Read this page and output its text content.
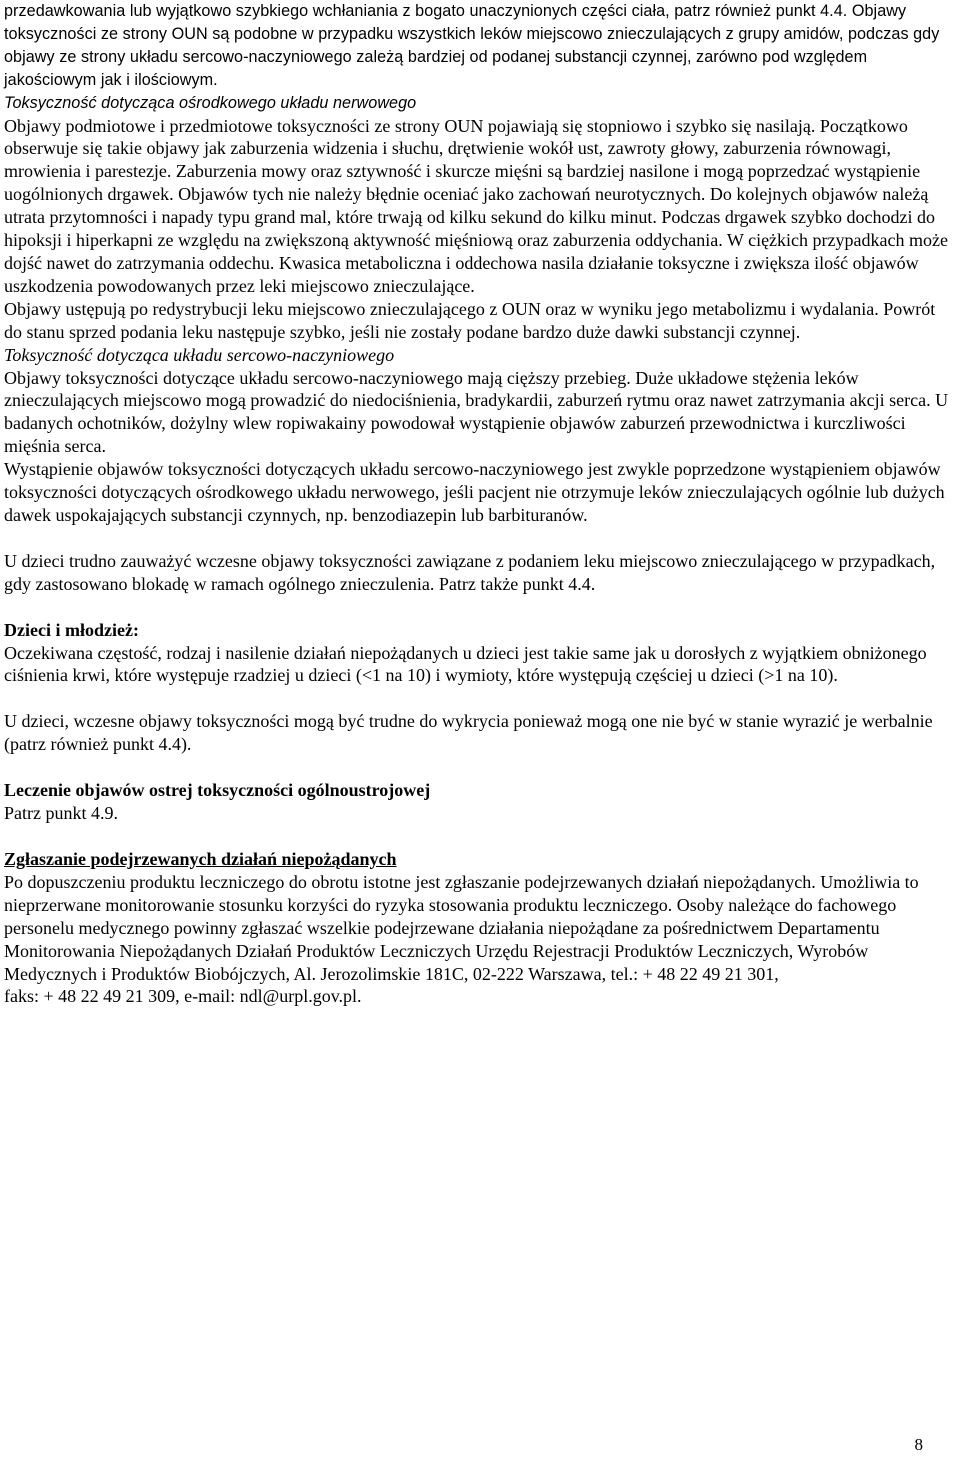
przedawkowania lub wyjątkowo szybkiego wchłaniania z bogato unaczynionych części ciała, patrz również punkt 4.4. Objawy toksyczności ze strony OUN są podobne w przypadku wszystkich leków miejscowo znieczulających z grupy amidów, podczas gdy objawy ze strony układu sercowo-naczyniowego zależą bardziej od podanej substancji czynnej, zarówno pod względem jakościowym jak i ilościowym.

Toksyczność dotycząca ośrodkowego układu nerwowego

Objawy podmiotowe i przedmiotowe toksyczności ze strony OUN pojawiają się stopniowo i szybko się nasilają. Początkowo obserwuje się takie objawy jak zaburzenia widzenia i słuchu, drętwienie wokół ust, zawroty głowy, zaburzenia równowagi, mrowienia i parestezje. Zaburzenia mowy oraz sztywność i skurcze mięśni są bardziej nasilone i mogą poprzedzać wystąpienie uogólnionych drgawek. Objawów tych nie należy błędnie oceniać jako zachowań neurotycznych. Do kolejnych objawów należą utrata przytomności i napady typu grand mal, które trwają od kilku sekund do kilku minut. Podczas drgawek szybko dochodzi do hipoksji i hiperkapni ze względu na zwiększoną aktywność mięśniową oraz zaburzenia oddychania. W ciężkich przypadkach może dojść nawet do zatrzymania oddechu. Kwasica metaboliczna i oddechowa nasila działanie toksyczne i zwiększa ilość objawów uszkodzenia powodowanych przez leki miejscowo znieczulające.

Objawy ustępują po redystrybucji leku miejscowo znieczulającego z OUN oraz w wyniku jego metabolizmu i wydalania. Powrót do stanu sprzed podania leku następuje szybko, jeśli nie zostały podane bardzo duże dawki substancji czynnej.

Toksyczność dotycząca układu sercowo-naczyniowego

Objawy toksyczności dotyczące układu sercowo-naczyniowego mają cięższy przebieg. Duże układowe stężenia leków znieczulających miejscowo mogą prowadzić do niedociśnienia, bradykardii, zaburzeń rytmu oraz nawet zatrzymania akcji serca. U badanych ochotników, dożylny wlew ropiwakainy powodował wystąpienie objawów zaburzeń przewodnictwa i kurczliwości mięśnia serca.

Wystąpienie objawów toksyczności dotyczących układu sercowo-naczyniowego jest zwykle poprzedzone wystąpieniem objawów toksyczności dotyczących ośrodkowego układu nerwowego, jeśli pacjent nie otrzymuje leków znieczulających ogólnie lub dużych dawek uspokajających substancji czynnych, np. benzodiazepin lub barbituranów.

U dzieci trudno zauważyć wczesne objawy toksyczności zawiązane z podaniem leku miejscowo znieczulającego w przypadkach, gdy zastosowano blokadę w ramach ogólnego znieczulenia. Patrz także punkt 4.4.

Dzieci i młodzież:

Oczekiwana częstość, rodzaj i nasilenie działań niepożądanych u dzieci jest takie same jak u dorosłych z wyjątkiem obniżonego ciśnienia krwi, które występuje rzadziej u dzieci (<1 na 10) i wymioty, które występują częściej u dzieci (>1 na 10).

U dzieci, wczesne objawy toksyczności mogą być trudne do wykrycia ponieważ mogą one nie być w stanie wyrazić je werbalnie (patrz również punkt 4.4).

Leczenie objawów ostrej toksyczności ogólnoustrojowej

Patrz punkt 4.9.

Zgłaszanie podejrzewanych działań niepożądanych

Po dopuszczeniu produktu leczniczego do obrotu istotne jest zgłaszanie podejrzewanych działań niepożądanych. Umożliwia to nieprzerwane monitorowanie stosunku korzyści do ryzyka stosowania produktu leczniczego. Osoby należące do fachowego personelu medycznego powinny zgłaszać wszelkie podejrzewane działania niepożądane za pośrednictwem Departamentu Monitorowania Niepożądanych Działań Produktów Leczniczych Urzędu Rejestracji Produktów Leczniczych, Wyrobów Medycznych i Produktów Biobójczych, Al. Jerozolimskie 181C, 02-222 Warszawa, tel.: + 48 22 49 21 301,

faks: + 48 22 49 21 309, e-mail: ndl@urpl.gov.pl.

8
